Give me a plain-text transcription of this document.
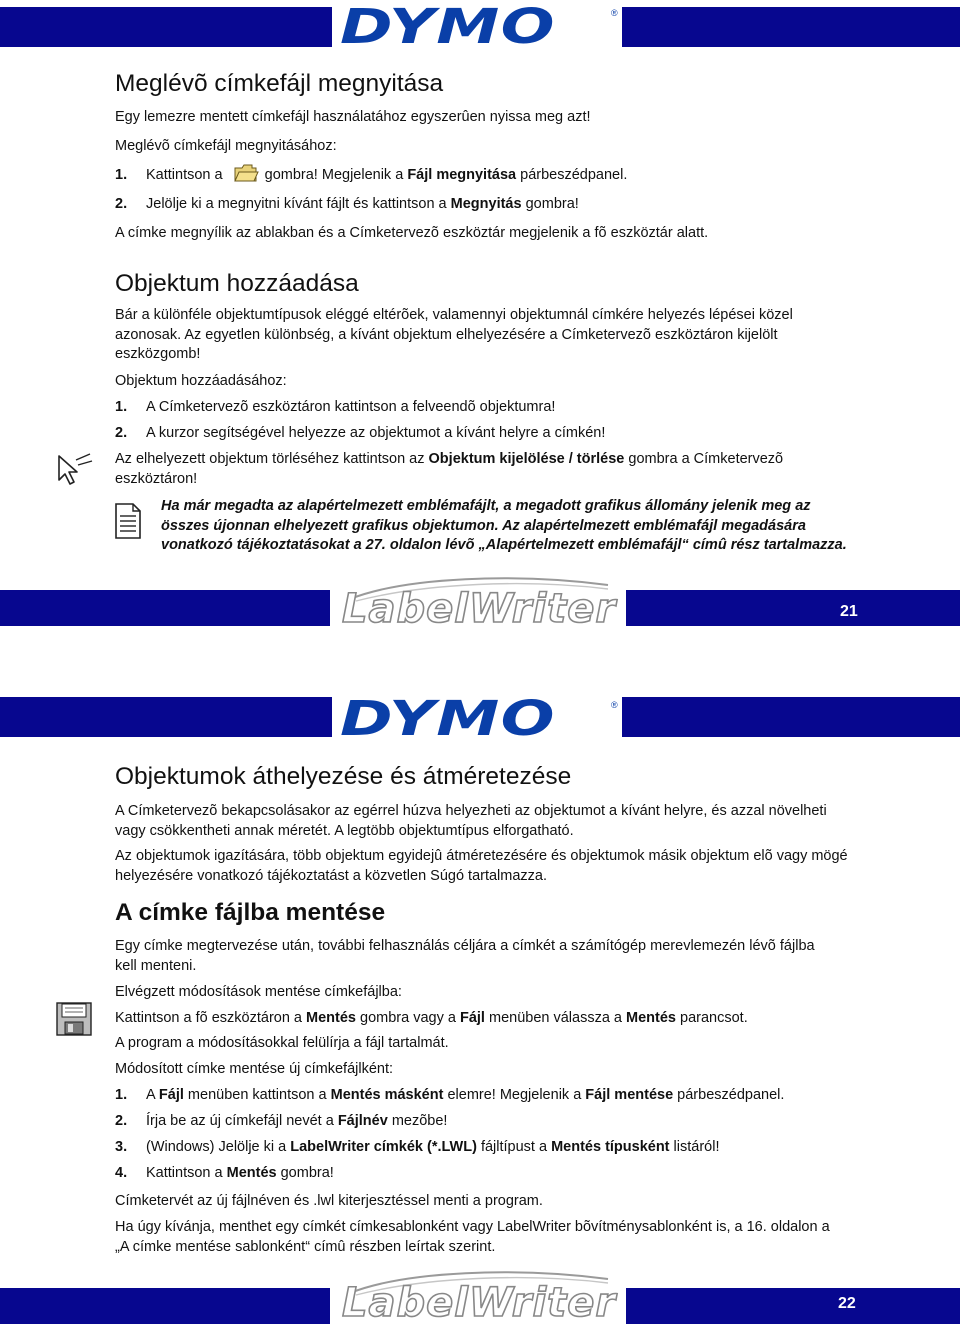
DYMO	®
Meglévõ címkefájl megnyitása

Egy lemezre mentett címkefájl használatához egyszerûen nyissa meg azt!

Meglévõ címkefájl megnyitásához:

1. Kattintson a	gombra! Megjelenik a Fájl megnyitása párbeszédpanel.
2. Jelölje ki a megnyitni kívánt fájlt és kattintson a Megnyitás gombra!

A címke megnyílik az ablakban és a Címketervezõ eszköztár megjelenik a fõ eszköztár alatt.

Objektum hozzáadása

Bár a különféle objektumtípusok eléggé eltérõek, valamennyi objektumnál címkére helyezés lépései közel azonosak. Az egyetlen különbség, a kívánt objektum elhelyezésére a Címketervezõ eszköztáron kijelölt eszközgomb!

Objektum hozzáadásához:

1. A Címketervezõ eszköztáron kattintson a felveendõ objektumra!
2. A kurzor segítségével helyezze az objektumot a kívánt helyre a címkén!

Az elhelyezett objektum törléséhez kattintson az Objektum kijelölése / törlése gombra a Címketervezõ eszköztáron!

Ha már megadta az alapértelmezett emblémafájlt, a megadott grafikus állomány jelenik meg az összes újonnan elhelyezett grafikus objektumon. Az alapértelmezett emblémafájl megadására vonatkozó tájékoztatásokat a 27. oldalon lévõ „Alapértelmezett emblémafájl“ címû rész tartalmazza.

LabelWriter	21
DYMO	®
Objektumok áthelyezése és átméretezése

A Címketervezõ bekapcsolásakor az egérrel húzva helyezheti az objektumot a kívánt helyre, és azzal növelheti vagy csökkentheti annak méretét. A legtöbb objektumtípus elforgatható.

Az objektumok igazítására, több objektum egyidejû átméretezésére és objektumok másik objektum elõ vagy mögé helyezésére vonatkozó tájékoztatást a közvetlen Súgó tartalmazza.

A címke fájlba mentése

Egy címke megtervezése után, további felhasználás céljára a címkét a számítógép merevlemezén lévõ fájlba kell menteni.

Elvégzett módosítások mentése címkefájlba:

Kattintson a fõ eszköztáron a Mentés gombra vagy a Fájl menüben válassza a Mentés parancsot.

A program a módosításokkal felülírja a fájl tartalmát.

Módosított címke mentése új címkefájlként:

1. A Fájl menüben kattintson a Mentés másként elemre! Megjelenik a Fájl mentése párbeszédpanel.
2. Írja be az új címkefájl nevét a Fájlnév mezõbe!
3. (Windows) Jelölje ki a LabelWriter címkék (*.LWL) fájltípust a Mentés típusként listáról!
4. Kattintson a Mentés gombra!

Címketervét az új fájlnéven és .lwl kiterjesztéssel menti a program.

Ha úgy kívánja, menthet egy címkét címkesablonként vagy LabelWriter bõvítménysablonként is, a 16. oldalon a „A címke mentése sablonként“ címû részben leírtak szerint.

LabelWriter	22
